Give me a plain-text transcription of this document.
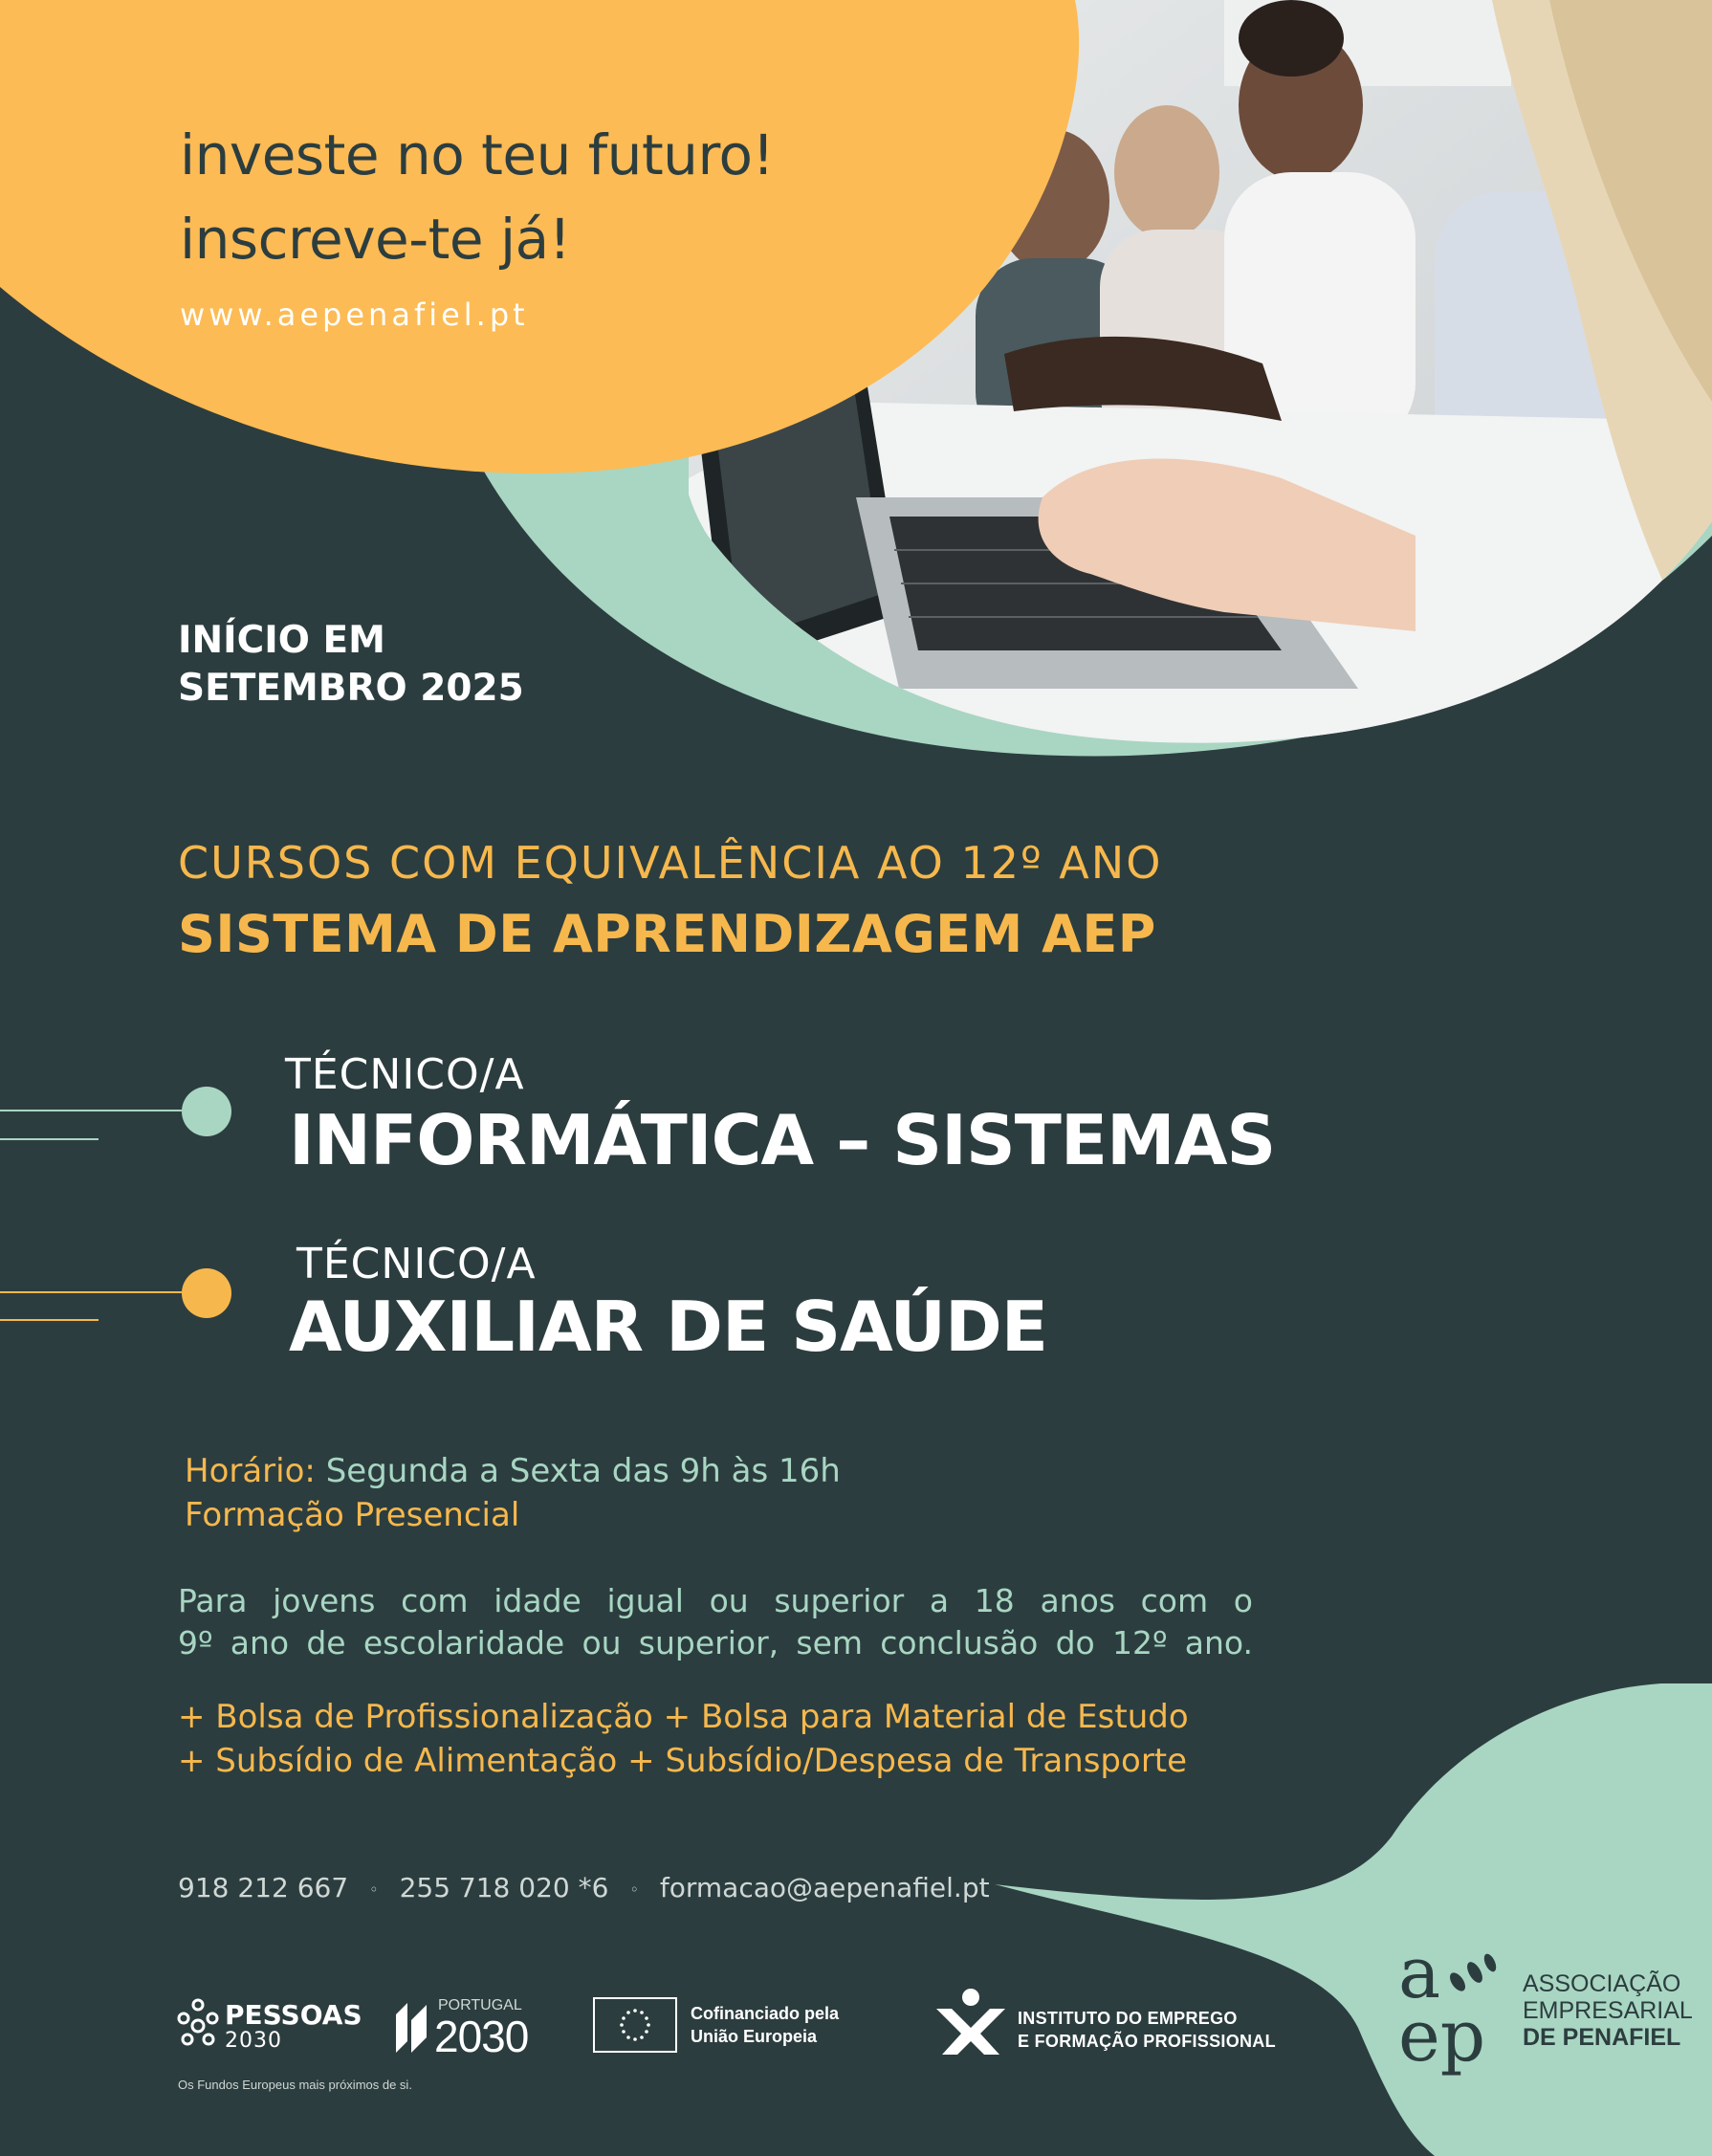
investe no teu futuro!
inscreve-te já!
www.aepenafiel.pt
INÍCIO EM
SETEMBRO 2025
CURSOS COM EQUIVALÊNCIA AO 12º ANO
SISTEMA DE APRENDIZAGEM AEP
TÉCNICO/A
INFORMÁTICA – SISTEMAS
TÉCNICO/A
AUXILIAR DE SAÚDE
Horário: Segunda a Sexta das 9h às 16h
Formação Presencial
Para jovens com idade igual ou superior a 18 anos com o
9º ano de escolaridade ou superior, sem conclusão do 12º ano.
+ Bolsa de Profissionalização + Bolsa para Material de Estudo
+ Subsídio de Alimentação + Subsídio/Despesa de Transporte
918 212 667 ◦ 255 718 020 *6 ◦ formacao@aepenafiel.pt
PESSOAS
2030
Os Fundos Europeus mais próximos de si.
PORTUGAL
2030	Cofinanciado pela
União Europeia
INSTITUTO DO EMPREGO
E FORMAÇÃO PROFISSIONAL
a
ep
ASSOCIAÇÃO
EMPRESARIAL
DE PENAFIEL
